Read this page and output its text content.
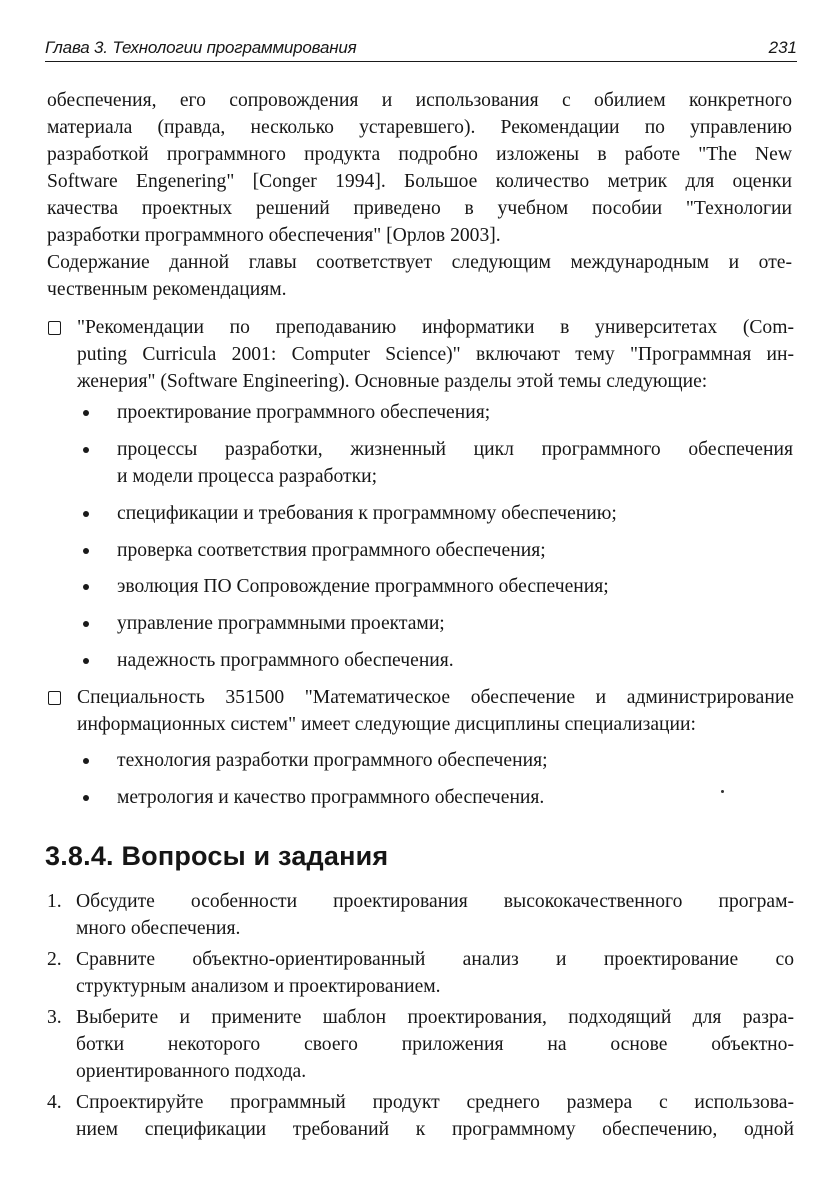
Глава 3. Технологии программирования	231
обеспечения, его сопровождения и использования с обилием конкретного
материала (правда, несколько устаревшего). Рекомендации по управлению
разработкой программного продукта подробно изложены в работе "The New
Software Engenering" [Conger 1994]. Большое количество метрик для оценки
качества проектных решений приведено в учебном пособии "Технологии
разработки программного обеспечения" [Орлов 2003].
Содержание данной главы соответствует следующим международным и оте-
чественным рекомендациям.
"Рекомендации по преподаванию информатики в университетах (Com-
puting Curricula 2001: Computer Science)" включают тему "Программная ин-
женерия" (Software Engineering). Основные разделы этой темы следующие:
проектирование программного обеспечения;
процессы разработки, жизненный цикл программного обеспечения
и модели процесса разработки;
спецификации и требования к программному обеспечению;
проверка соответствия программного обеспечения;
эволюция ПО Сопровождение программного обеспечения;
управление программными проектами;
надежность программного обеспечения.
Специальность 351500 "Математическое обеспечение и администрирование
информационных систем" имеет следующие дисциплины специализации:
технология разработки программного обеспечения;
метрология и качество программного обеспечения.
3.8.4. Вопросы и задания
1. Обсудите особенности проектирования высококачественного програм-
много обеспечения.
2. Сравните объектно-ориентированный анализ и проектирование со
структурным анализом и проектированием.
3. Выберите и примените шаблон проектирования, подходящий для разра-
ботки некоторого своего приложения на основе объектно-
ориентированного подхода.
4. Спроектируйте программный продукт среднего размера с использова-
нием спецификации требований к программному обеспечению, одной
